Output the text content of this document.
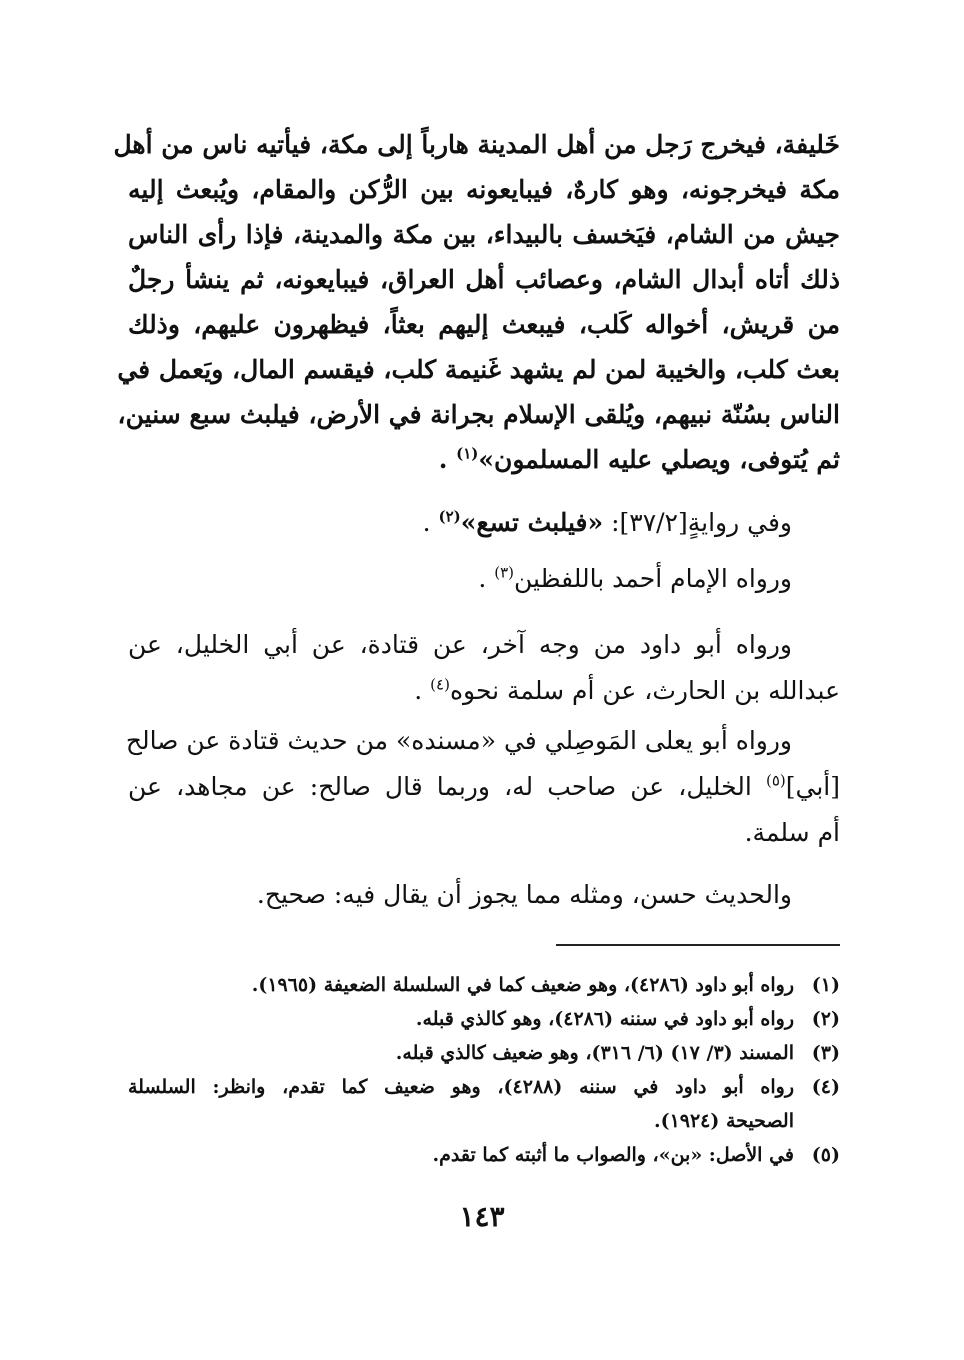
خَليفة، فيخرج رَجل من أهل المدينة هارباً إلى مكة، فيأتيه ناس من أهل
مكة فيخرجونه، وهو كارهٌ، فيبايعونه بين الرُّكن والمقام، ويُبعث إليه
جيش من الشام، فيَخسف بالبيداء، بين مكة والمدينة، فإذا رأى الناس
ذلك أتاه أبدال الشام، وعصائب أهل العراق، فيبايعونه، ثم ينشأ رجلٌ
من قريش، أخواله كَلب، فيبعث إليهم بعثاً، فيظهرون عليهم، وذلك
بعث كلب، والخيبة لمن لم يشهد غَنيمة كلب، فيقسم المال، ويَعمل في
الناس بسُنّة نبيهم، ويُلقى الإسلام بجرانة في الأرض، فيلبث سبع سنين،
ثم يُتوفى، ويصلي عليه المسلمون»$^{(١)}$ .
وفي روايةٍ[٣٧/٢]: «فيلبث تسع»$^{(٢)}$ .
ورواه الإمام أحمد باللفظين$^{(٣)}$ .
ورواه أبو داود من وجه آخر، عن قتادة، عن أبي الخليل، عن
عبدالله بن الحارث، عن أم سلمة نحوه$^{(٤)}$ .
ورواه أبو يعلى المَوصِلي في «مسنده» من حديث قتادة عن صالح
[أبي]$^{(٥)}$ الخليل، عن صاحب له، وربما قال صالح: عن مجاهد، عن
أم سلمة.
والحديث حسن، ومثله مما يجوز أن يقال فيه: صحيح.
(١)
رواه أبو داود (٤٢٨٦)، وهو ضعيف كما في السلسلة الضعيفة (١٩٦٥).
(٢)
رواه أبو داود في سننه (٤٢٨٦)، وهو كالذي قبله.
(٣)
المسند (٣/ ١٧) (٦/ ٣١٦)، وهو ضعيف كالذي قبله.
(٤)
رواه أبو داود في سننه (٤٢٨٨)، وهو ضعيف كما تقدم، وانظر: السلسلة
الصحيحة (١٩٢٤).
(٥)
في الأصل: «بن»، والصواب ما أثبته كما تقدم.
١٤٣
